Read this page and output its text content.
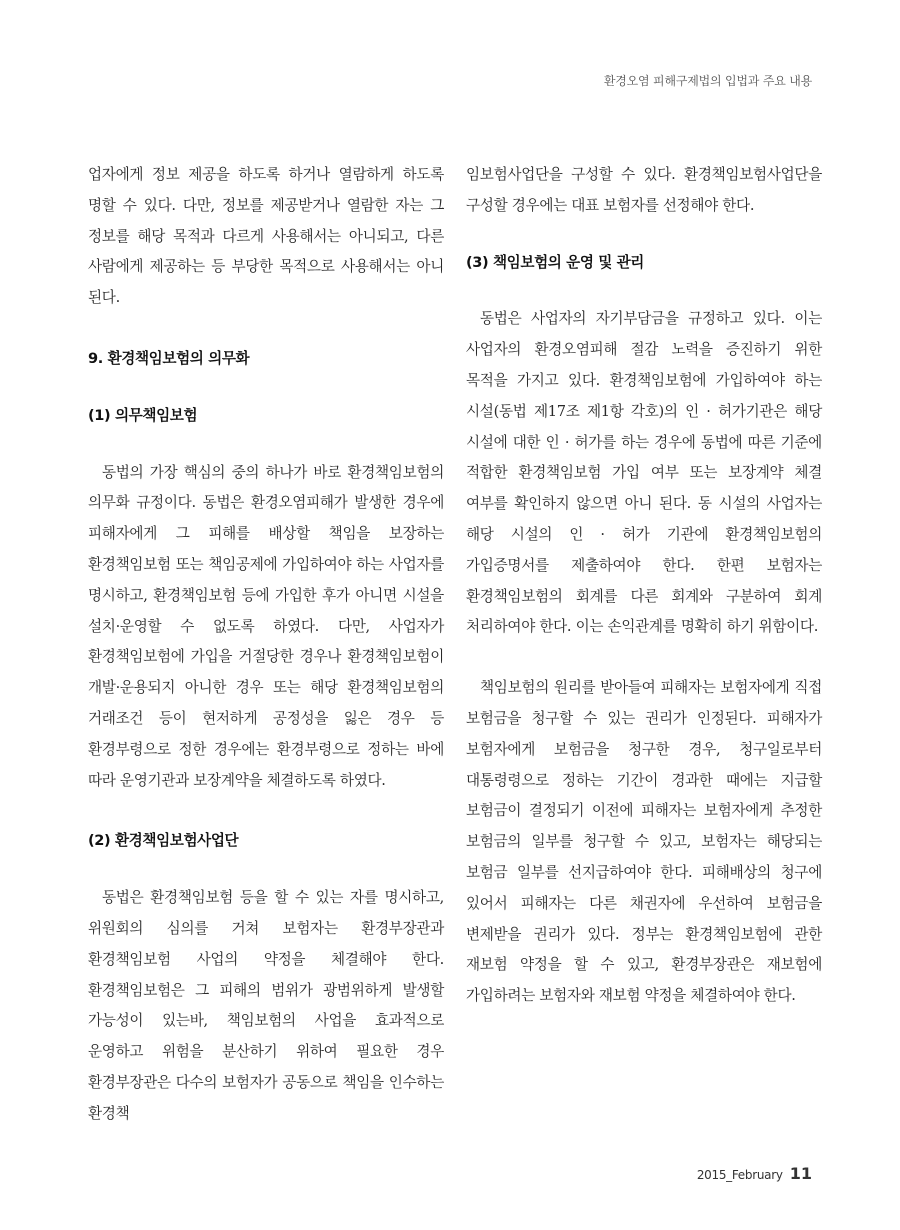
환경오염 피해구제법의 입법과 주요 내용

업자에게 정보 제공을 하도록 하거나 열람하게 하도록 명할 수 있다. 다만, 정보를 제공받거나 열람한 자는 그 정보를 해당 목적과 다르게 사용해서는 아니되고, 다른 사람에게 제공하는 등 부당한 목적으로 사용해서는 아니 된다.

9. 환경책임보험의 의무화

(1) 의무책임보험

동법의 가장 핵심의 중의 하나가 바로 환경책임보험의 의무화 규정이다. 동법은 환경오염피해가 발생한 경우에 피해자에게 그 피해를 배상할 책임을 보장하는 환경책임보험 또는 책임공제에 가입하여야 하는 사업자를 명시하고, 환경책임보험 등에 가입한 후가 아니면 시설을 설치·운영할 수 없도록 하였다. 다만, 사업자가 환경책임보험에 가입을 거절당한 경우나 환경책임보험이 개발·운용되지 아니한 경우 또는 해당 환경책임보험의 거래조건 등이 현저하게 공정성을 잃은 경우 등 환경부령으로 정한 경우에는 환경부령으로 정하는 바에 따라 운영기관과 보장계약을 체결하도록 하였다.

(2) 환경책임보험사업단

동법은 환경책임보험 등을 할 수 있는 자를 명시하고, 위원회의 심의를 거쳐 보험자는 환경부장관과 환경책임보험 사업의 약정을 체결해야 한다. 환경책임보험은 그 피해의 범위가 광범위하게 발생할 가능성이 있는바, 책임보험의 사업을 효과적으로 운영하고 위험을 분산하기 위하여 필요한 경우 환경부장관은 다수의 보험자가 공동으로 책임을 인수하는 환경책

임보험사업단을 구성할 수 있다. 환경책임보험사업단을 구성할 경우에는 대표 보험자를 선정해야 한다.

(3) 책임보험의 운영 및 관리

동법은 사업자의 자기부담금을 규정하고 있다. 이는 사업자의 환경오염피해 절감 노력을 증진하기 위한 목적을 가지고 있다. 환경책임보험에 가입하여야 하는 시설(동법 제17조 제1항 각호)의 인 · 허가기관은 해당 시설에 대한 인 · 허가를 하는 경우에 동법에 따른 기준에 적합한 환경책임보험 가입 여부 또는 보장계약 체결 여부를 확인하지 않으면 아니 된다. 동 시설의 사업자는 해당 시설의 인 · 허가 기관에 환경책임보험의 가입증명서를 제출하여야 한다. 한편 보험자는 환경책임보험의 회계를 다른 회계와 구분하여 회계 처리하여야 한다. 이는 손익관계를 명확히 하기 위함이다.

책임보험의 원리를 받아들여 피해자는 보험자에게 직접 보험금을 청구할 수 있는 권리가 인정된다. 피해자가 보험자에게 보험금을 청구한 경우, 청구일로부터 대통령령으로 정하는 기간이 경과한 때에는 지급할 보험금이 결정되기 이전에 피해자는 보험자에게 추정한 보험금의 일부를 청구할 수 있고, 보험자는 해당되는 보험금 일부를 선지급하여야 한다. 피해배상의 청구에 있어서 피해자는 다른 채권자에 우선하여 보험금을 변제받을 권리가 있다. 정부는 환경책임보험에 관한 재보험 약정을 할 수 있고, 환경부장관은 재보험에 가입하려는 보험자와 재보험 약정을 체결하여야 한다.

2015_February 11
